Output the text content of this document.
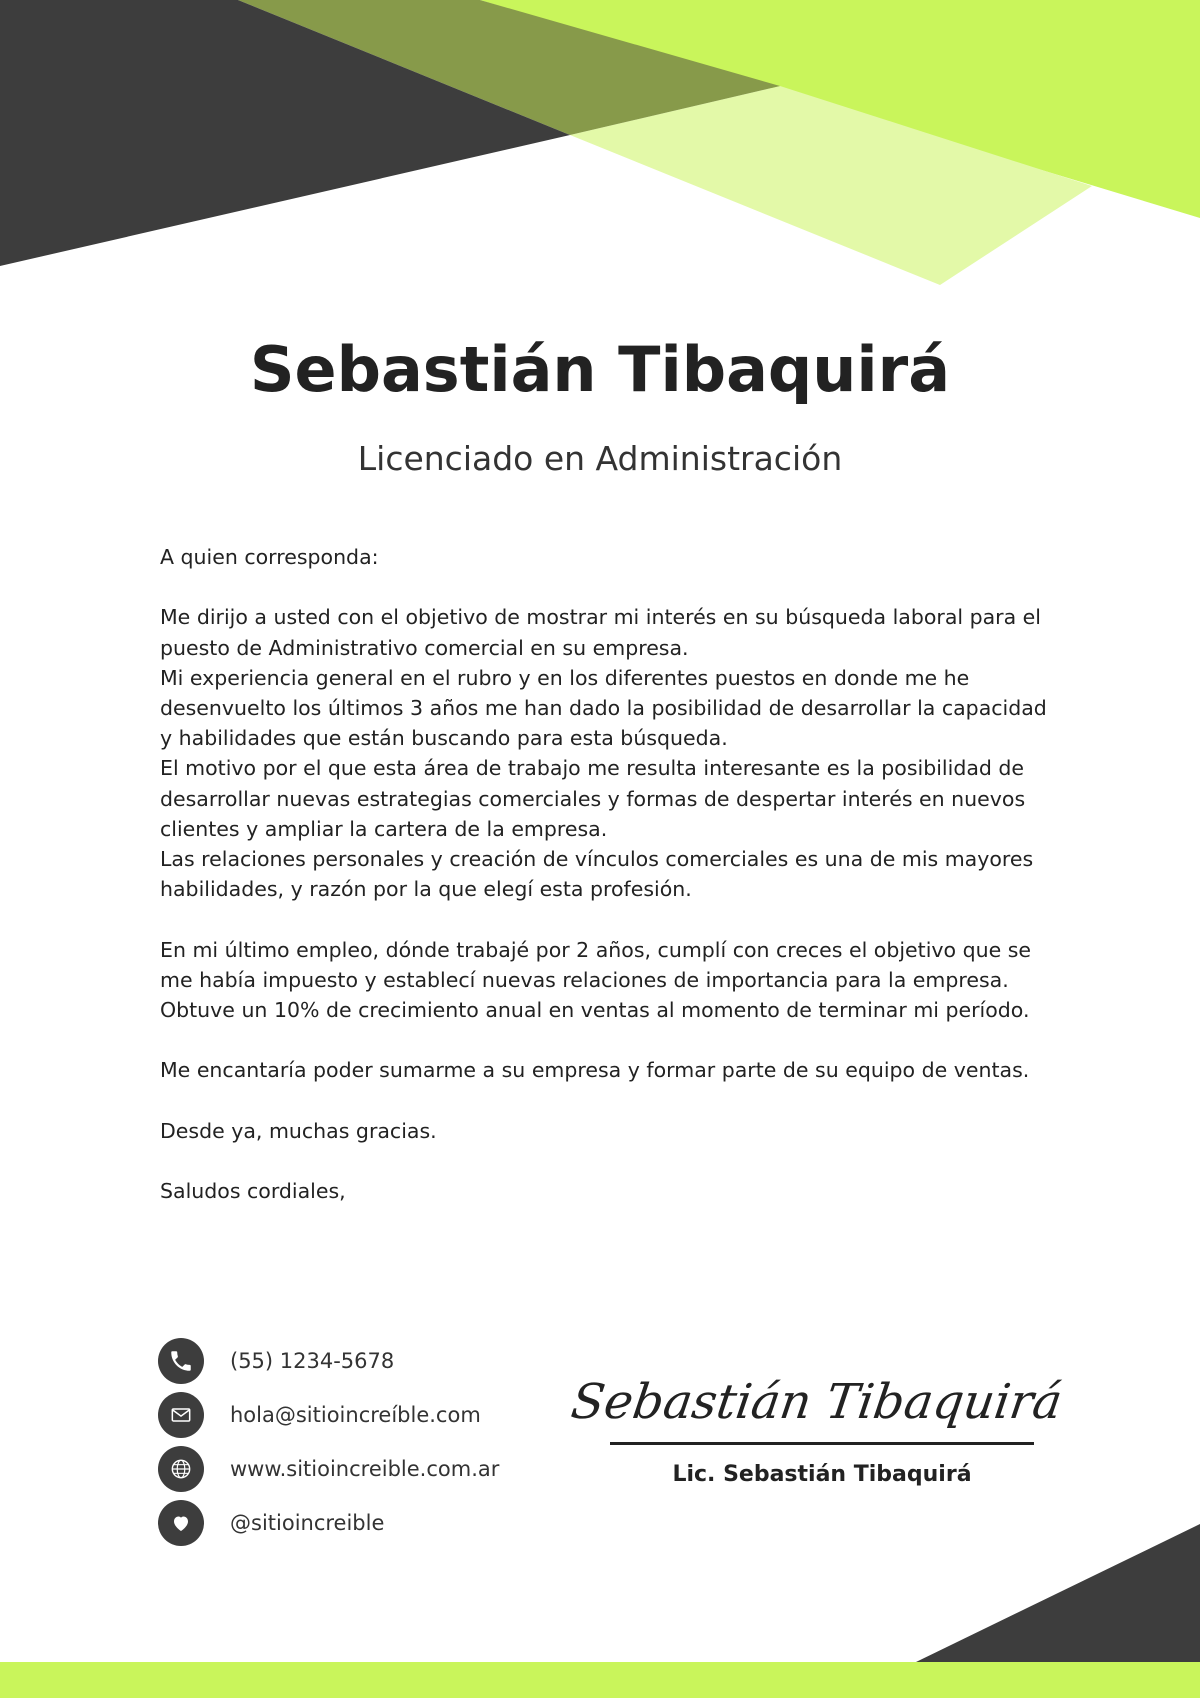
Sebastián Tibaquirá
Licenciado en Administración

A quien corresponda:

Me dirijo a usted con el objetivo de mostrar mi interés en su búsqueda laboral para el puesto de Administrativo comercial en su empresa.

Mi experiencia general en el rubro y en los diferentes puestos en donde me he desenvuelto los últimos 3 años me han dado la posibilidad de desarrollar la capacidad y habilidades que están buscando para esta búsqueda.

El motivo por el que esta área de trabajo me resulta interesante es la posibilidad de desarrollar nuevas estrategias comerciales y formas de despertar interés en nuevos clientes y ampliar la cartera de la empresa.

Las relaciones personales y creación de vínculos comerciales es una de mis mayores habilidades, y razón por la que elegí esta profesión.

En mi último empleo, dónde trabajé por 2 años, cumplí con creces el objetivo que se me había impuesto y establecí nuevas relaciones de importancia para la empresa. Obtuve un 10% de crecimiento anual en ventas al momento de terminar mi período.

Me encantaría poder sumarme a su empresa y formar parte de su equipo de ventas.

Desde ya, muchas gracias.

Saludos cordiales,

(55) 1234-5678
hola@sitioincreíble.com
www.sitioincreible.com.ar
@sitioincreible
Sebastián Tibaquirá
Lic. Sebastián Tibaquirá
